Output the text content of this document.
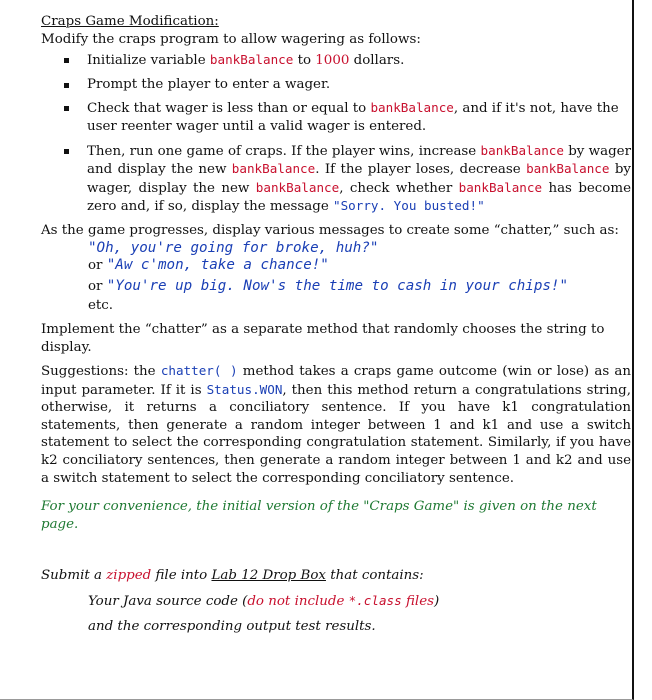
Craps Game Modification:

Modify the craps program to allow wagering as follows:

Initialize variable bankBalance to 1000 dollars.
Prompt the player to enter a wager.
Check that wager is less than or equal to bankBalance, and if it's not, have the user reenter wager until a valid wager is entered.
Then, run one game of craps. If the player wins, increase bankBalance by wager and display the new bankBalance. If the player loses, decrease bankBalance by wager, display the new bankBalance, check whether bankBalance has become zero and, if so, display the message "Sorry. You busted!"

As the game progresses, display various messages to create some “chatter,” such as:

"Oh, you're going for broke, huh?"

or "Aw c'mon, take a chance!"

or "You're up big. Now's the time to cash in your chips!"

etc.

Implement the “chatter” as a separate method that randomly chooses the string to display.

Suggestions: the chatter( ) method takes a craps game outcome (win or lose) as an input parameter. If it is Status.WON, then this method return a congratulations string, otherwise, it returns a conciliatory sentence. If you have k1 congratulation statements, then generate a random integer between 1 and k1 and use a switch statement to select the corresponding congratulation statement. Similarly, if you have k2 conciliatory sentences, then generate a random integer between 1 and k2 and use a switch statement to select the corresponding conciliatory sentence.

For your convenience, the initial version of the "Craps Game" is given on the next page.

Submit a zipped file into Lab 12 Drop Box that contains:

Your Java source code (do not include *.class files)

and the corresponding output test results.
